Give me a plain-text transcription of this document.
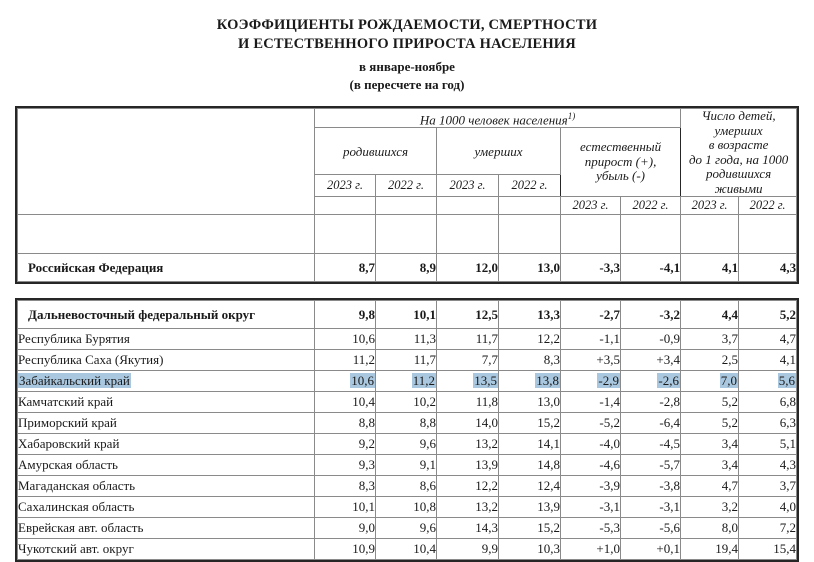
КОЭФФИЦИЕНТЫ РОЖДАЕМОСТИ, СМЕРТНОСТИ
И ЕСТЕСТВЕННОГО ПРИРОСТА НАСЕЛЕНИЯ
в январе-ноябре
(в пересчете на год)
	На 1000 человек населения$^{1)}$	Число детей,
умерших
в возрасте
до 1 года, на 1000
родившихся
живыми

	родившихся		умерших		естественный
прирост (+),
убыль (-)			

	2023 г.	2022 г.	2023 г.	2022 г.				
					2023 г.	2022 г.	2023 г.	2022 г.

Российская Федерация	8,7	8,9	12,0	13,0	-3,3	-4,1	4,1	4,3
Дальневосточный федеральный округ	9,8	10,1	12,5	13,3	-2,7	-3,2	4,4	5,2
Республика Бурятия	10,6	11,3	11,7	12,2	-1,1	-0,9	3,7	4,7
Республика Саха (Якутия)	11,2	11,7	7,7	8,3	+3,5	+3,4	2,5	4,1
Забайкальский край	10,6	11,2	13,5	13,8	-2,9	-2,6	7,0	5,6
Камчатский край	10,4	10,2	11,8	13,0	-1,4	-2,8	5,2	6,8
Приморский край	8,8	8,8	14,0	15,2	-5,2	-6,4	5,2	6,3
Хабаровский край	9,2	9,6	13,2	14,1	-4,0	-4,5	3,4	5,1
Амурская область	9,3	9,1	13,9	14,8	-4,6	-5,7	3,4	4,3
Магаданская область	8,3	8,6	12,2	12,4	-3,9	-3,8	4,7	3,7
Сахалинская область	10,1	10,8	13,2	13,9	-3,1	-3,1	3,2	4,0
Еврейская авт. область	9,0	9,6	14,3	15,2	-5,3	-5,6	8,0	7,2
Чукотский авт. округ	10,9	10,4	9,9	10,3	+1,0	+0,1	19,4	15,4
